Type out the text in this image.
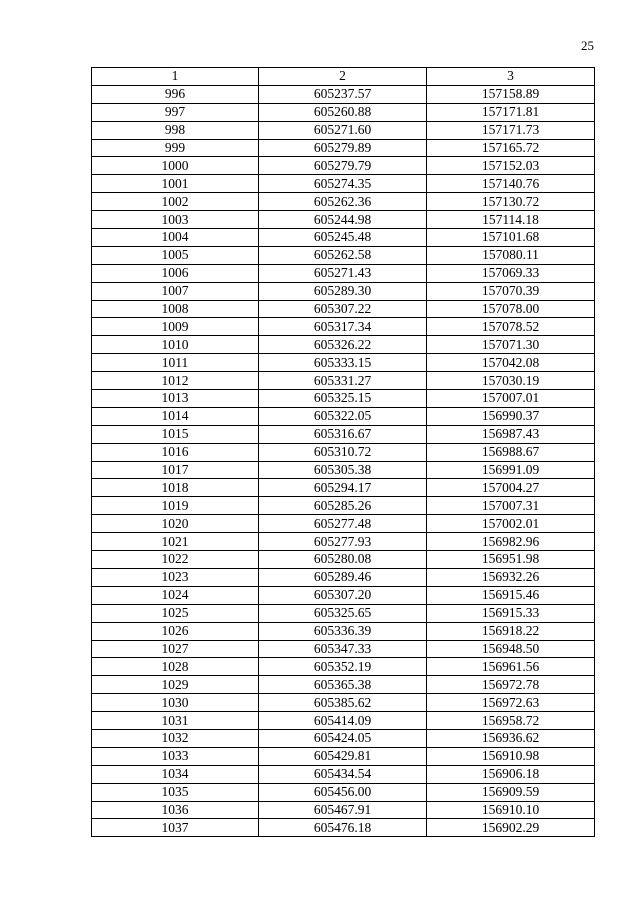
25
1	2	3
996	605237.57	157158.89
997	605260.88	157171.81
998	605271.60	157171.73
999	605279.89	157165.72
1000	605279.79	157152.03
1001	605274.35	157140.76
1002	605262.36	157130.72
1003	605244.98	157114.18
1004	605245.48	157101.68
1005	605262.58	157080.11
1006	605271.43	157069.33
1007	605289.30	157070.39
1008	605307.22	157078.00
1009	605317.34	157078.52
1010	605326.22	157071.30
1011	605333.15	157042.08
1012	605331.27	157030.19
1013	605325.15	157007.01
1014	605322.05	156990.37
1015	605316.67	156987.43
1016	605310.72	156988.67
1017	605305.38	156991.09
1018	605294.17	157004.27
1019	605285.26	157007.31
1020	605277.48	157002.01
1021	605277.93	156982.96
1022	605280.08	156951.98
1023	605289.46	156932.26
1024	605307.20	156915.46
1025	605325.65	156915.33
1026	605336.39	156918.22
1027	605347.33	156948.50
1028	605352.19	156961.56
1029	605365.38	156972.78
1030	605385.62	156972.63
1031	605414.09	156958.72
1032	605424.05	156936.62
1033	605429.81	156910.98
1034	605434.54	156906.18
1035	605456.00	156909.59
1036	605467.91	156910.10
1037	605476.18	156902.29
